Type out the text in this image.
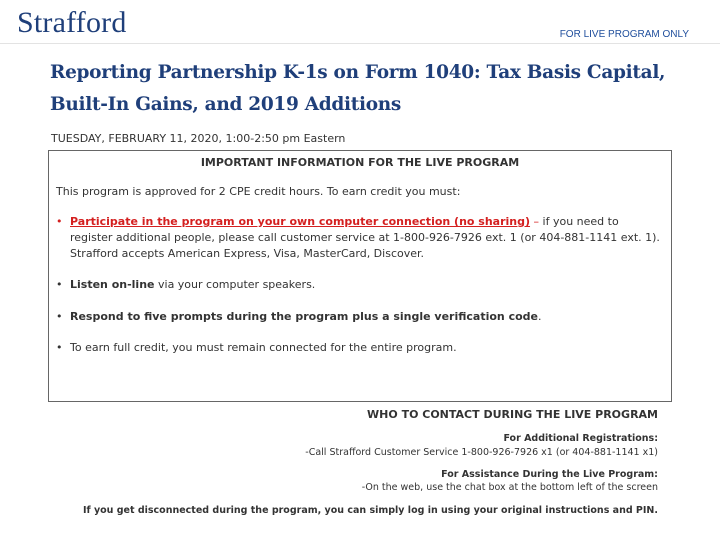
Strafford	FOR LIVE PROGRAM ONLY
Reporting Partnership K-1s on Form 1040: Tax Basis Capital,
Built-In Gains, and 2019 Additions
TUESDAY, FEBRUARY 11, 2020, 1:00-2:50 pm Eastern
IMPORTANT INFORMATION FOR THE LIVE PROGRAM
This program is approved for 2 CPE credit hours. To earn credit you must:
• Participate in the program on your own computer connection (no sharing) – if you need to register additional people, please call customer service at 1-800-926-7926 ext. 1 (or 404-881-1141 ext. 1). Strafford accepts American Express, Visa, MasterCard, Discover.
• Listen on-line via your computer speakers.
• Respond to five prompts during the program plus a single verification code.
• To earn full credit, you must remain connected for the entire program.
WHO TO CONTACT DURING THE LIVE PROGRAM
For Additional Registrations:
-Call Strafford Customer Service 1-800-926-7926 x1 (or 404-881-1141 x1)
For Assistance During the Live Program:
-On the web, use the chat box at the bottom left of the screen
If you get disconnected during the program, you can simply log in using your original instructions and PIN.
